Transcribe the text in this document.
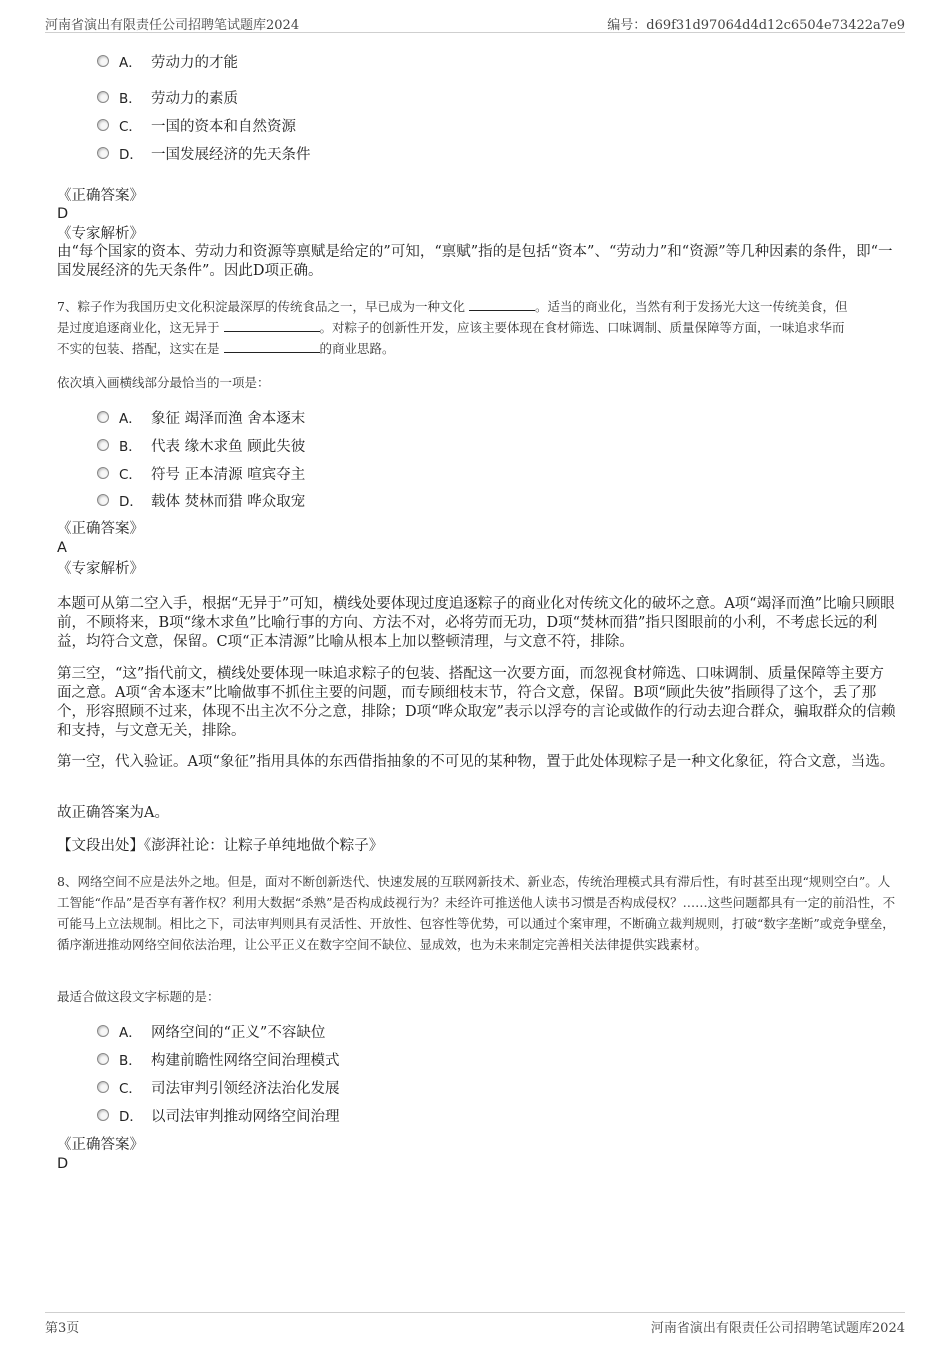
河南省演出有限责任公司招聘笔试题库2024	编号：d69f31d97064d4d12c6504e73422a7e9
A． 劳动力的才能
B． 劳动力的素质
C． 一国的资本和自然资源
D． 一国发展经济的先天条件
《正确答案》
D
《专家解析》
由“每个国家的资本、劳动力和资源等禀赋是给定的”可知，“禀赋”指的是包括“资本”、“劳动力”和“资源”等几种因素的条件，即“一国发展经济的先天条件”。因此D项正确。
7、粽子作为我国历史文化积淀最深厚的传统食品之一，早已成为一种文化	。适当的商业化，当然有利于发扬光大这一传统美食，但
是过度追逐商业化，这无异于	。对粽子的创新性开发，应该主要体现在食材筛选、口味调制、质量保障等方面，一味追求华而
不实的包装、搭配，这实在是	的商业思路。
依次填入画横线部分最恰当的一项是：
A． 象征 竭泽而渔 舍本逐末
B． 代表 缘木求鱼 顾此失彼
C． 符号 正本清源 喧宾夺主
D． 载体 焚林而猎 哗众取宠
《正确答案》
A
《专家解析》
本题可从第二空入手，根据“无异于”可知，横线处要体现过度追逐粽子的商业化对传统文化的破坏之意。A项“竭泽而渔”比喻只顾眼前，不顾将来，B项“缘木求鱼”比喻行事的方向、方法不对，必将劳而无功，D项“焚林而猎”指只图眼前的小利，不考虑长远的利益，均符合文意，保留。C项“正本清源”比喻从根本上加以整顿清理，与文意不符，排除。
第三空，“这”指代前文，横线处要体现一味追求粽子的包装、搭配这一次要方面，而忽视食材筛选、口味调制、质量保障等主要方面之意。A项“舍本逐末”比喻做事不抓住主要的问题，而专顾细枝末节，符合文意，保留。B项“顾此失彼”指顾得了这个，丢了那个，形容照顾不过来，体现不出主次不分之意，排除；D项“哗众取宠”表示以浮夸的言论或做作的行动去迎合群众，骗取群众的信赖和支持，与文意无关，排除。
第一空，代入验证。A项“象征”指用具体的东西借指抽象的不可见的某种物，置于此处体现粽子是一种文化象征，符合文意，当选。
故正确答案为A。
【文段出处】《澎湃社论：让粽子单纯地做个粽子》
8、网络空间不应是法外之地。但是，面对不断创新迭代、快速发展的互联网新技术、新业态，传统治理模式具有滞后性，有时甚至出现“规则空白”。人工智能“作品”是否享有著作权？利用大数据“杀熟”是否构成歧视行为？未经许可推送他人读书习惯是否构成侵权？……这些问题都具有一定的前沿性，不可能马上立法规制。相比之下，司法审判则具有灵活性、开放性、包容性等优势，可以通过个案审理，不断确立裁判规则，打破“数字垄断”或竞争壁垒，循序渐进推动网络空间依法治理，让公平正义在数字空间不缺位、显成效，也为未来制定完善相关法律提供实践素材。
最适合做这段文字标题的是：
A． 网络空间的“正义”不容缺位
B． 构建前瞻性网络空间治理模式
C． 司法审判引领经济法治化发展
D． 以司法审判推动网络空间治理
《正确答案》
D
第3页	河南省演出有限责任公司招聘笔试题库2024
